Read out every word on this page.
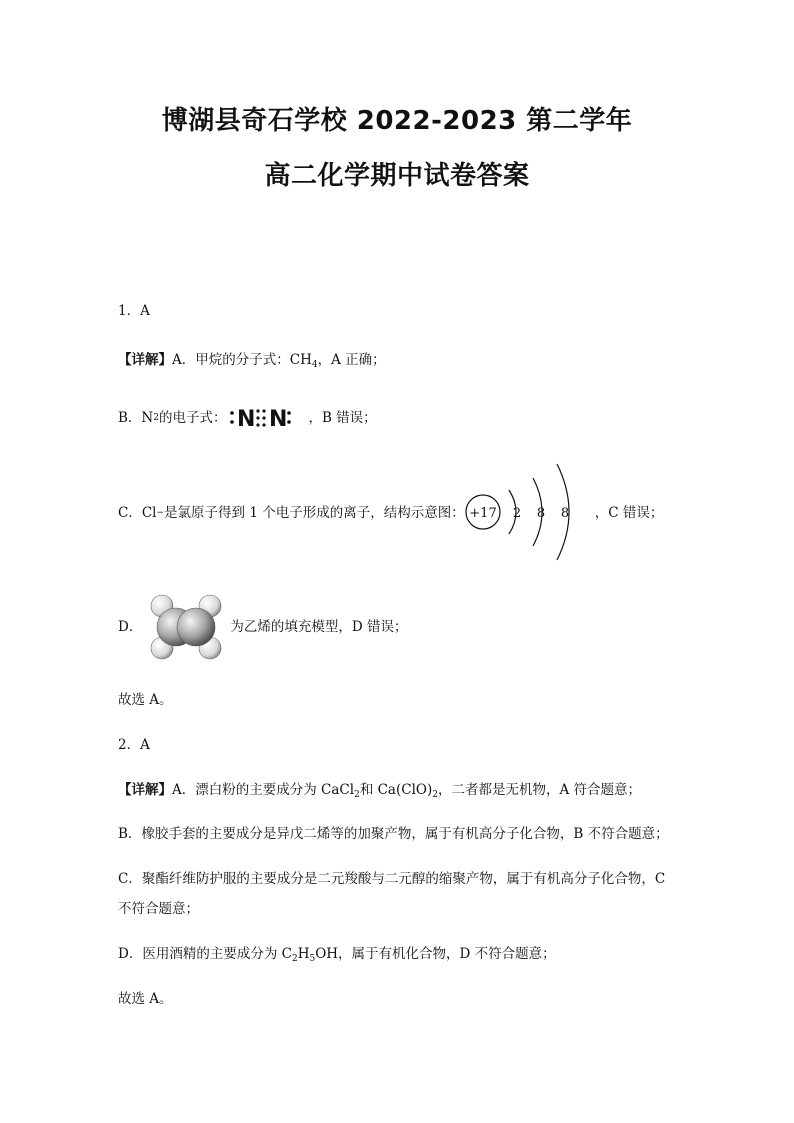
博湖县奇石学校 2022-2023 第二学年
高二化学期中试卷答案
1．A
【详解】A．甲烷的分子式：$CH_4$，A 正确；
B． N 2 的电子式： N N ，B 错误；
C．Cl − 是氯原子得到 1 个电子形成的离子，结构示意图： +17 2 8 8 ，C 错误；
D．	为乙烯的填充模型，D 错误；
故选 A。
2．A
【详解】A．漂白粉的主要成分为 CaCl$_2$和 $Ca(ClO)_2$，二者都是无机物，A 符合题意；
B．橡胶手套的主要成分是异戊二烯等的加聚产物，属于有机高分子化合物，B 不符合题意；
C．聚酯纤维防护服的主要成分是二元羧酸与二元醇的缩聚产物，属于有机高分子化合物，C
不符合题意；
D．医用酒精的主要成分为 $C_2H_5OH$，属于有机化合物，D 不符合题意；
故选 A。
